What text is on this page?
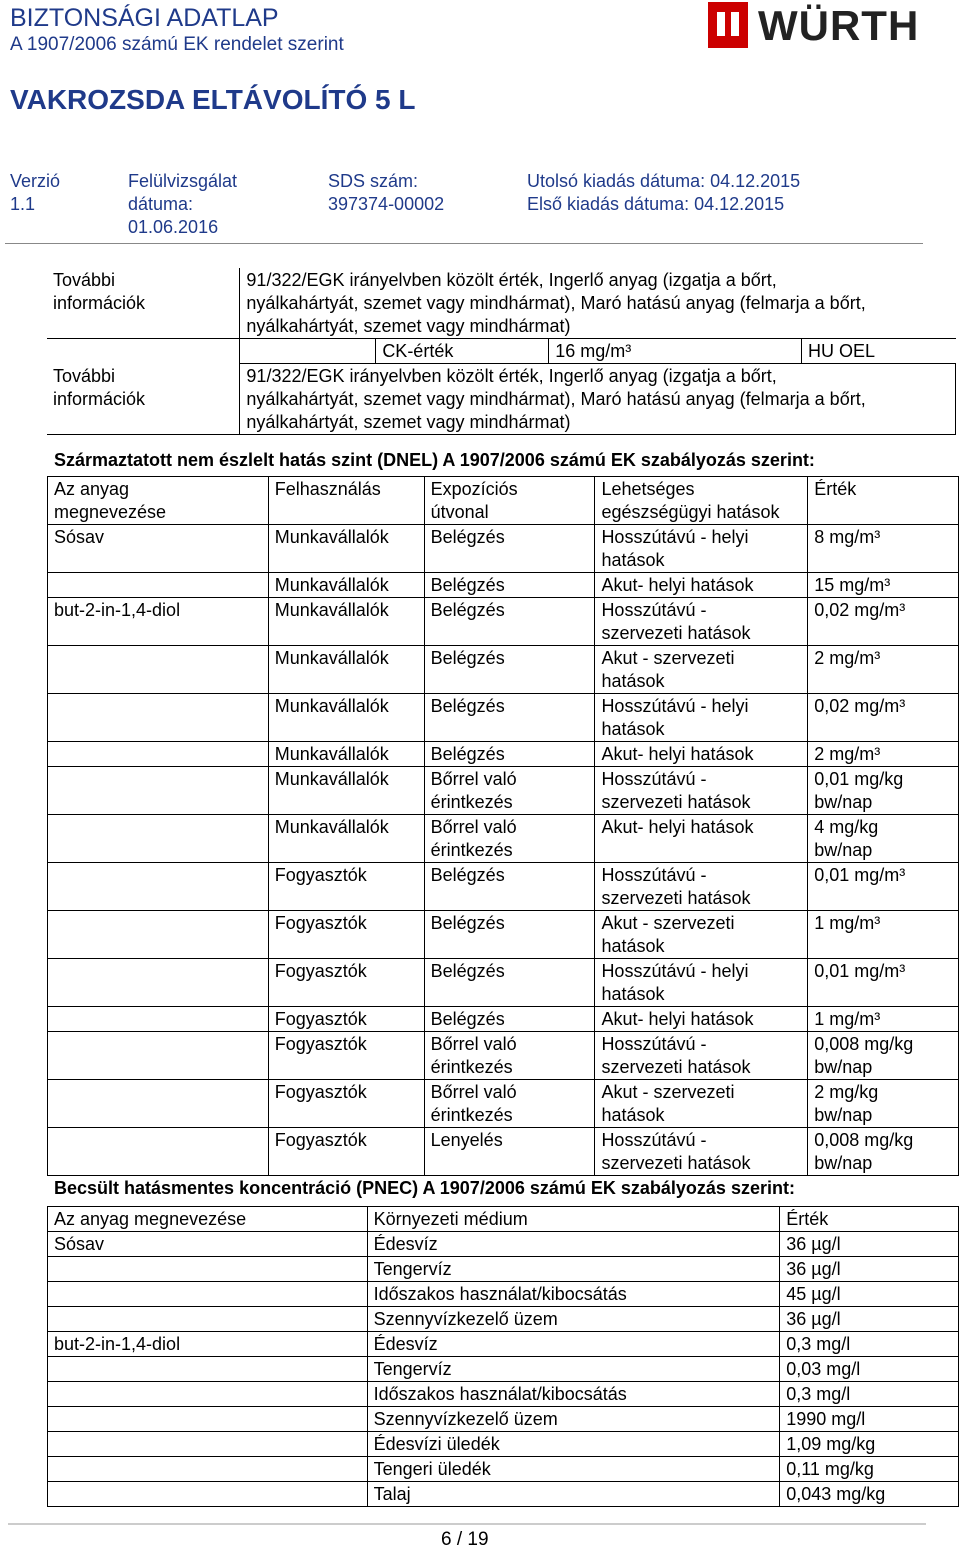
BIZTONSÁGI ADATLAP
A 1907/2006 számú EK rendelet szerint	WÜRTH
VAKROZSDA ELTÁVOLÍTÓ 5 L
Verzió
1.1
Felülvizsgálat
dátuma:
01.06.2016
SDS szám:
397374-00002
Utolsó kiadás dátuma: 04.12.2015
Első kiadás dátuma: 04.12.2015
További
információk	91/322/EGK irányelvben közölt érték, Ingerlő anyag (izgatja a bőrt,
nyálkahártyát, szemet vagy mindhármat), Maró hatású anyag (felmarja a bőrt,
nyálkahártyát, szemet vagy mindhármat)			
		CK-érték	16 mg/m³	HU OEL
További
információk	91/322/EGK irányelvben közölt érték, Ingerlő anyag (izgatja a bőrt,
nyálkahártyát, szemet vagy mindhármat), Maró hatású anyag (felmarja a bőrt,
nyálkahártyát, szemet vagy mindhármat)			
Származtatott nem észlelt hatás szint (DNEL) A 1907/2006 számú EK szabályozás szerint:
Az anyag
megnevezése	Felhasználás	Expozíciós
útvonal	Lehetséges
egészségügyi hatások	Érték
Sósav	Munkavállalók	Belégzés	Hosszútávú - helyi
hatások	8 mg/m³
	Munkavállalók	Belégzés	Akut- helyi hatások	15 mg/m³
but-2-in-1,4-diol	Munkavállalók	Belégzés	Hosszútávú -
szervezeti hatások	0,02 mg/m³
	Munkavállalók	Belégzés	Akut - szervezeti
hatások	2 mg/m³
	Munkavállalók	Belégzés	Hosszútávú - helyi
hatások	0,02 mg/m³
	Munkavállalók	Belégzés	Akut- helyi hatások	2 mg/m³
	Munkavállalók	Bőrrel való
érintkezés	Hosszútávú -
szervezeti hatások	0,01 mg/kg
bw/nap
	Munkavállalók	Bőrrel való
érintkezés	Akut- helyi hatások	4 mg/kg
bw/nap
	Fogyasztók	Belégzés	Hosszútávú -
szervezeti hatások	0,01 mg/m³
	Fogyasztók	Belégzés	Akut - szervezeti
hatások	1 mg/m³
	Fogyasztók	Belégzés	Hosszútávú - helyi
hatások	0,01 mg/m³
	Fogyasztók	Belégzés	Akut- helyi hatások	1 mg/m³
	Fogyasztók	Bőrrel való
érintkezés	Hosszútávú -
szervezeti hatások	0,008 mg/kg
bw/nap
	Fogyasztók	Bőrrel való
érintkezés	Akut - szervezeti
hatások	2 mg/kg
bw/nap
	Fogyasztók	Lenyelés	Hosszútávú -
szervezeti hatások	0,008 mg/kg
bw/nap
Becsült hatásmentes koncentráció (PNEC) A 1907/2006 számú EK szabályozás szerint:
Az anyag megnevezése	Környezeti médium	Érték
Sósav	Édesvíz	36 µg/l
	Tengervíz	36 µg/l
	Időszakos használat/kibocsátás	45 µg/l
	Szennyvízkezelő üzem	36 µg/l
but-2-in-1,4-diol	Édesvíz	0,3 mg/l
	Tengervíz	0,03 mg/l
	Időszakos használat/kibocsátás	0,3 mg/l
	Szennyvízkezelő üzem	1990 mg/l
	Édesvízi üledék	1,09 mg/kg
	Tengeri üledék	0,11 mg/kg
	Talaj	0,043 mg/kg
6 / 19
